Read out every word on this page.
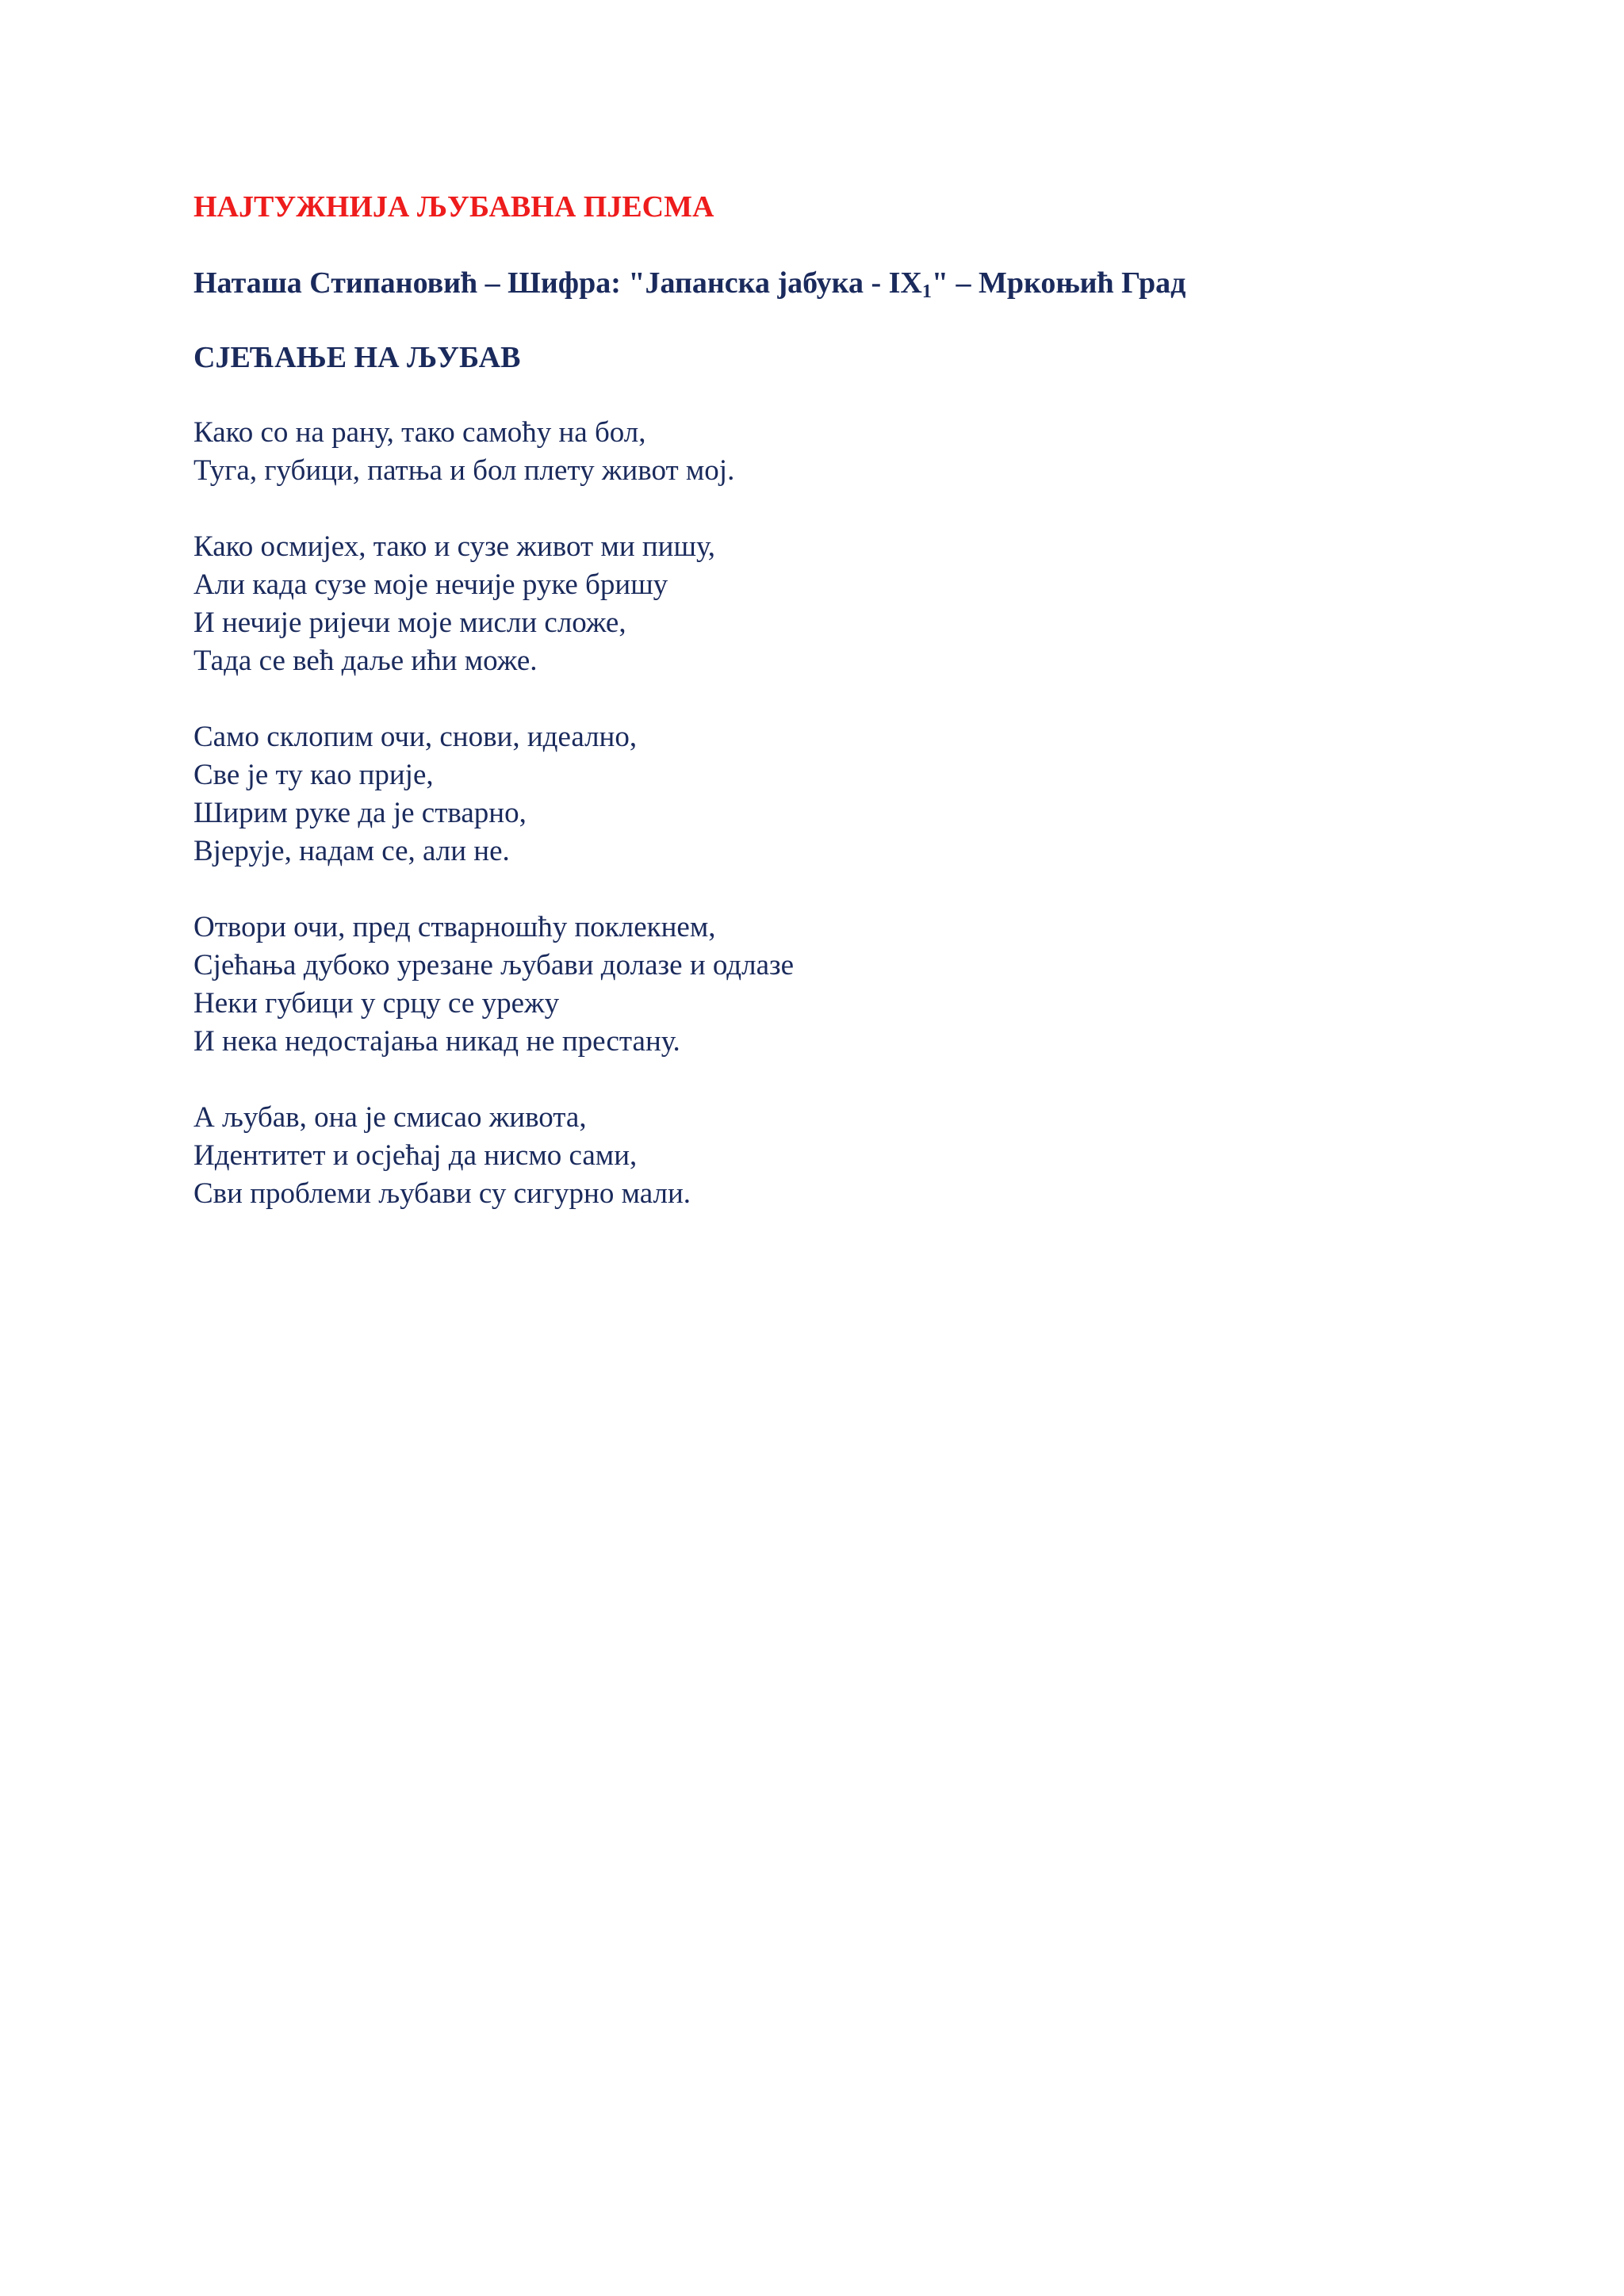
НАЈТУЖНИЈА ЉУБАВНА ПЈЕСМА
Наташа Стипановић – Шифра: "Јапанска јабука - $IX_1$" – Мркоњић Град
СЈЕЋАЊЕ НА ЉУБАВ
Како со на рану, тако самоћу на бол,
Туга, губици, патња и бол плету живот мој.
Како осмијех, тако и сузе живот ми пишу,
Али када сузе моје нечије руке бришу
И нечије ријечи моје мисли сложе,
Тада се већ даље ићи може.
Само склопим очи, снови, идеално,
Све је ту као прије,
Ширим руке да је стварно,
Вјерује, надам се, али не.
Отвори очи, пред стварношћу поклекнем,
Сјећања дубоко урезане љубави долазе и одлазе
Неки губици у срцу се урежу
И нека недостајања никад не престану.
А љубав, она је смисао живота,
Идентитет и осјећај да нисмо сами,
Сви проблеми љубави су сигурно мали.
